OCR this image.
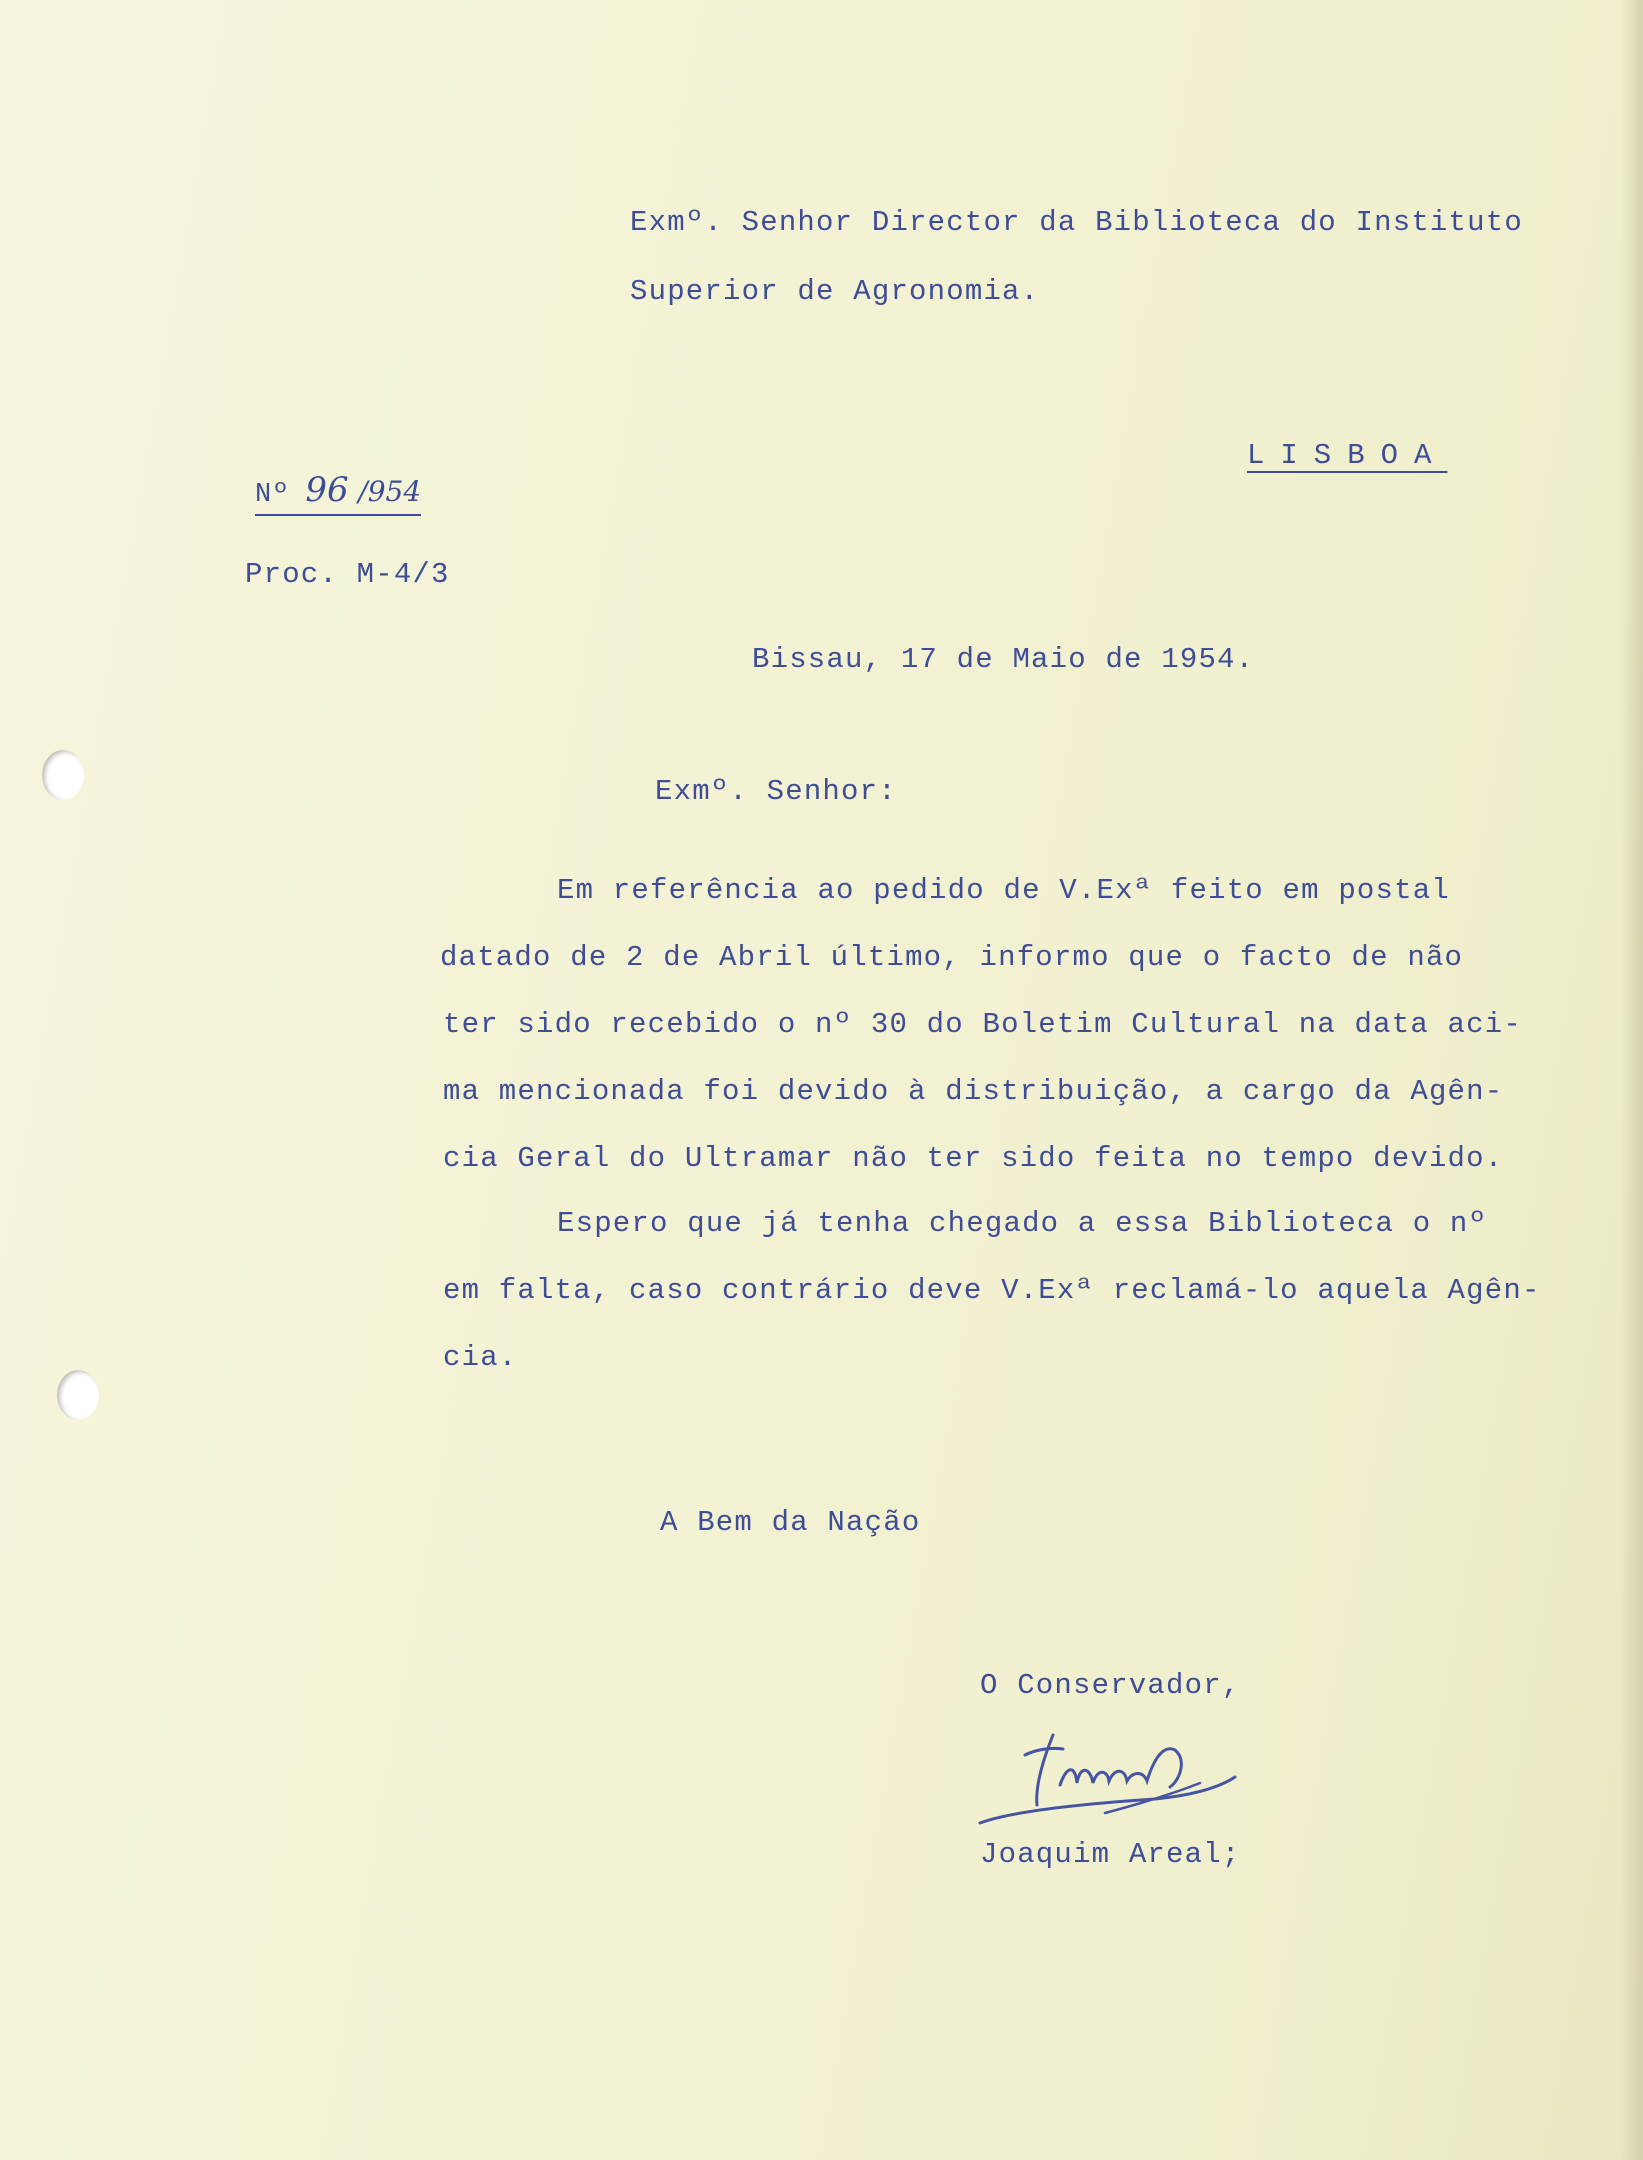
Exmº. Senhor Director da Biblioteca do Instituto
Superior de Agronomia.
LISBOA
Nº 96 /954
Proc. M-4/3
Bissau, 17 de Maio de 1954.
Exmº. Senhor:
Em referência ao pedido de V.Exª feito em postal
datado de 2 de Abril último, informo que o facto de não
ter sido recebido o nº 30 do Boletim Cultural na data aci-
ma mencionada foi devido à distribuição, a cargo da Agên-
cia Geral do Ultramar não ter sido feita no tempo devido.
Espero que já tenha chegado a essa Biblioteca o nº
em falta, caso contrário deve V.Exª reclamá-lo aquela Agên-
cia.
A Bem da Nação
O Conservador,
Joaquim Areal;
